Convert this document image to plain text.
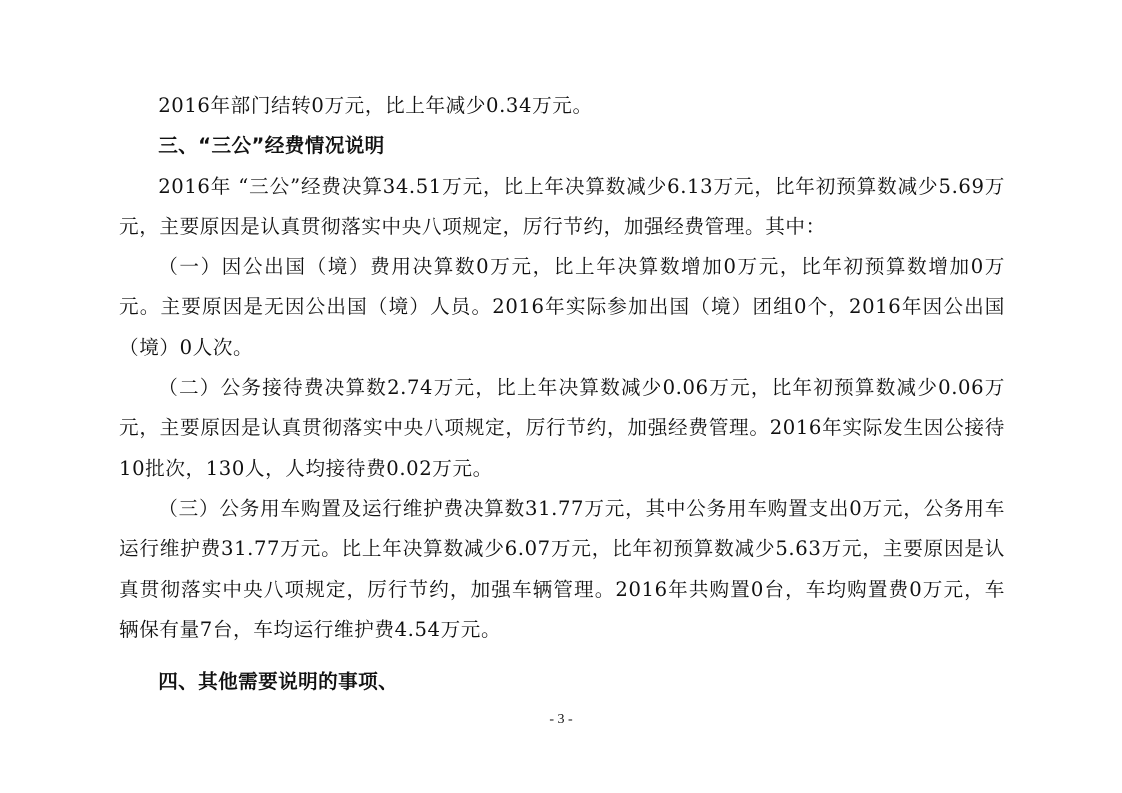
2016年部门结转0万元，比上年减少0.34万元。

三、“三公”经费情况说明

2016年 “三公”经费决算34.51万元，比上年决算数减少6.13万元，比年初预算数减少5.69万元，主要原因是认真贯彻落实中央八项规定，厉行节约，加强经费管理。其中：

（一）因公出国（境）费用决算数0万元，比上年决算数增加0万元，比年初预算数增加0万元。主要原因是无因公出国（境）人员。2016年实际参加出国（境）团组0个，2016年因公出国（境）0人次。

（二）公务接待费决算数2.74万元，比上年决算数减少0.06万元，比年初预算数减少0.06万元，主要原因是认真贯彻落实中央八项规定，厉行节约，加强经费管理。2016年实际发生因公接待10批次，130人，人均接待费0.02万元。

（三）公务用车购置及运行维护费决算数31.77万元，其中公务用车购置支出0万元，公务用车运行维护费31.77万元。比上年决算数减少6.07万元，比年初预算数减少5.63万元，主要原因是认真贯彻落实中央八项规定，厉行节约，加强车辆管理。2016年共购置0台，车均购置费0万元，车辆保有量7台，车均运行维护费4.54万元。

四、其他需要说明的事项、

- 3 -
